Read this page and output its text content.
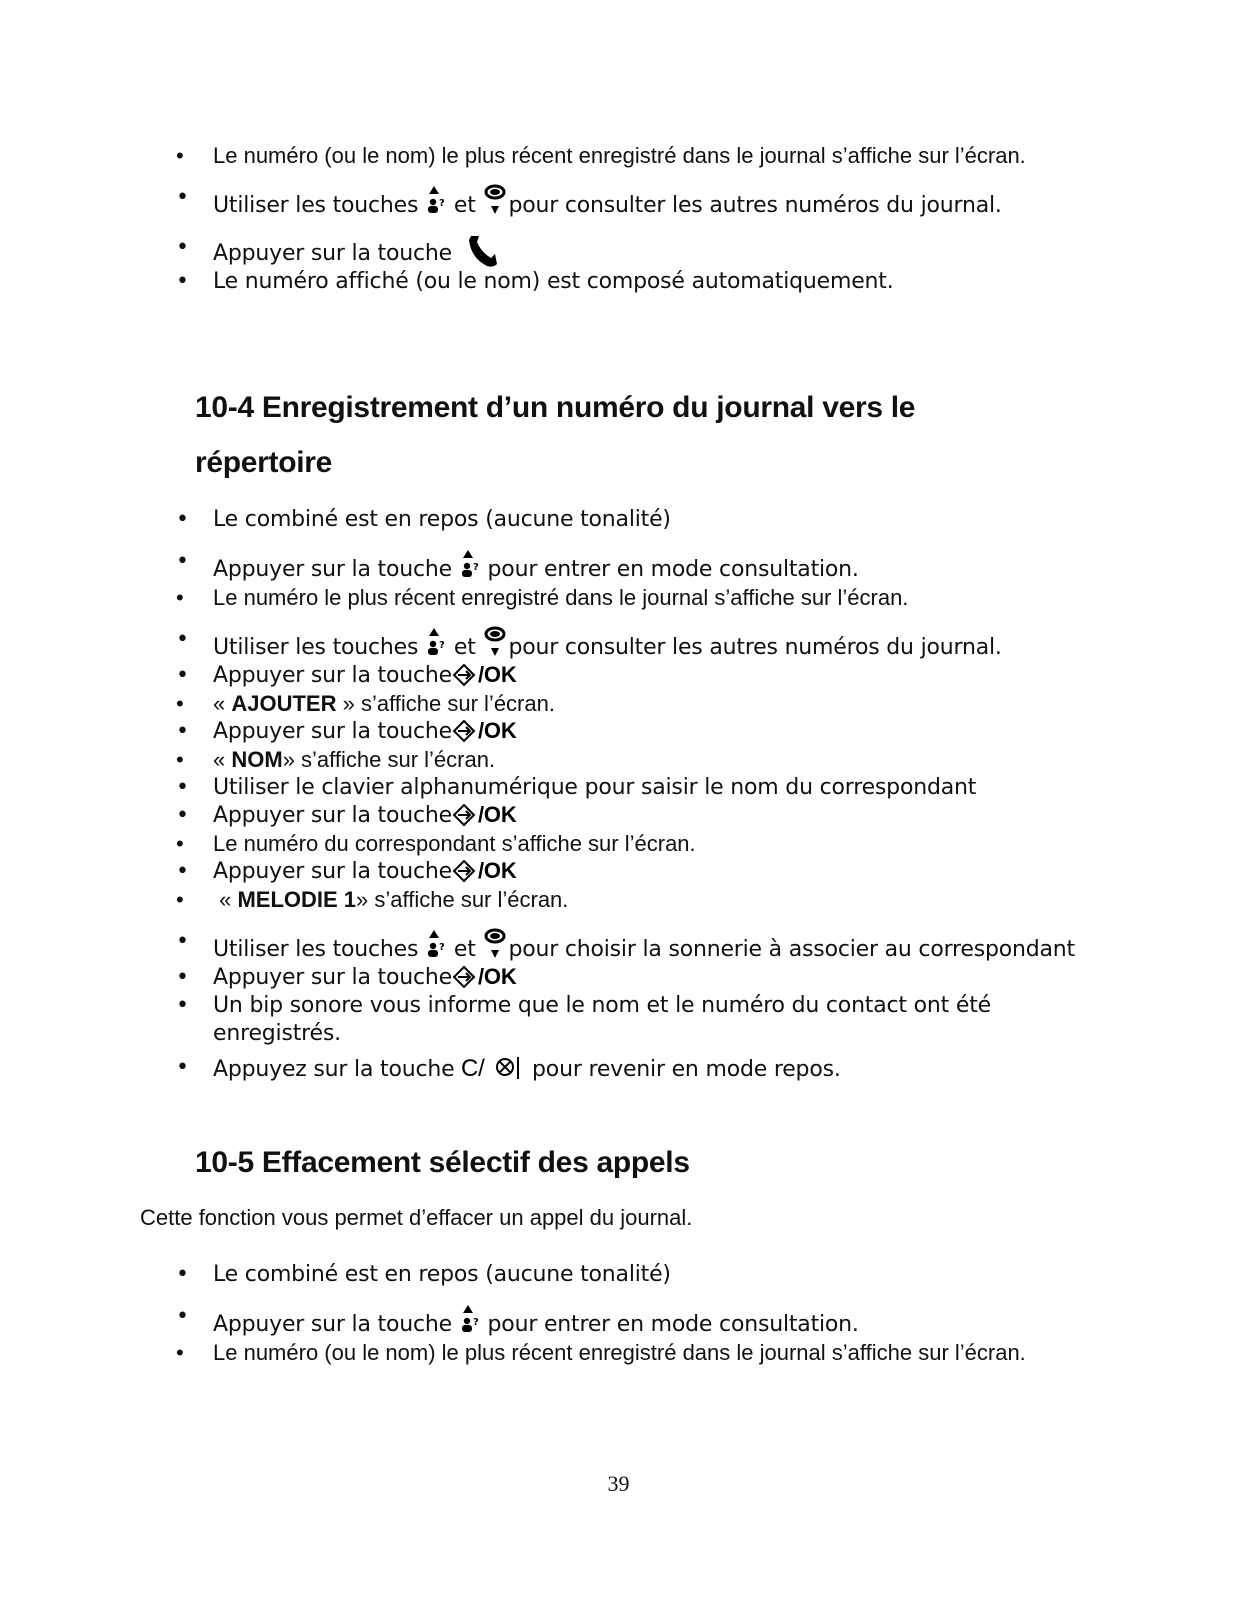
• Le numéro (ou le nom) le plus récent enregistré dans le journal s’affiche sur l’écran.
• Utiliser les touches ? et pour consulter les autres numéros du journal.
• Appuyer sur la touche
• Le numéro affiché (ou le nom) est composé automatiquement.
10-4 Enregistrement d’un numéro du journal vers le
répertoire
• Le combiné est en repos (aucune tonalité)
• Appuyer sur la touche ? pour entrer en mode consultation.
• Le numéro le plus récent enregistré dans le journal s’affiche sur l’écran.
• Utiliser les touches ? et pour consulter les autres numéros du journal.
• Appuyer sur la touche /OK
• « AJOUTER » s’affiche sur l’écran.
• Appuyer sur la touche /OK
• « NOM» s’affiche sur l’écran.
• Utiliser le clavier alphanumérique pour saisir le nom du correspondant
• Appuyer sur la touche /OK
• Le numéro du correspondant s’affiche sur l’écran.
• Appuyer sur la touche /OK
•  « MELODIE 1» s’affiche sur l’écran.
• Utiliser les touches ? et pour choisir la sonnerie à associer au correspondant
• Appuyer sur la touche /OK
• Un bip sonore vous informe que le nom et le numéro du contact ont été enregistrés.
• Appuyez sur la touche C/ pour revenir en mode repos.
10-5 Effacement sélectif des appels
Cette fonction vous permet d’effacer un appel du journal.
• Le combiné est en repos (aucune tonalité)
• Appuyer sur la touche ? pour entrer en mode consultation.
• Le numéro (ou le nom) le plus récent enregistré dans le journal s’affiche sur l’écran.
39
